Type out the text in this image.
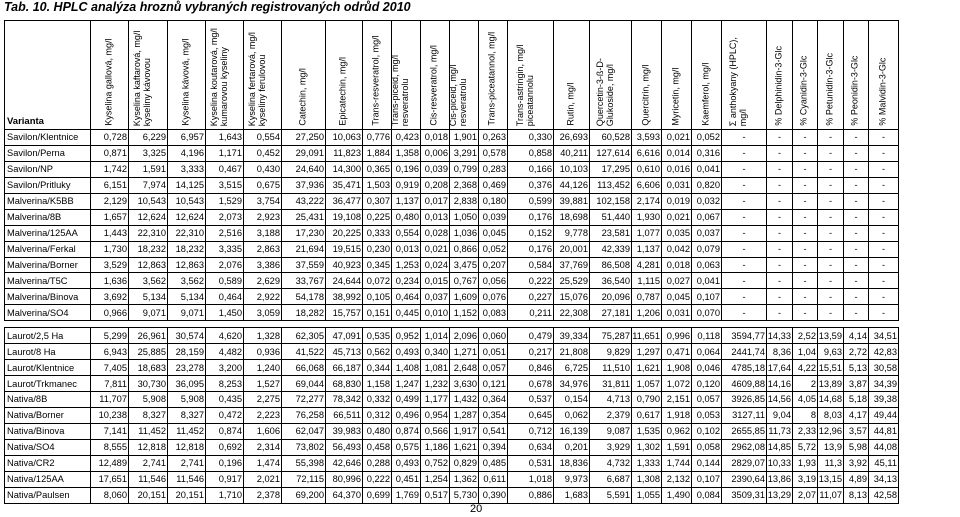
Tab. 10. HPLC analýza hroznů vybraných registrovaných odrůd 2010
Varianta	Kyselina gallová, mg/l	Kyselina kaftarová, mg/l kyseliny kávovou	Kyselina kávová, mg/l	Kyselina koutarová, mg/l kumarovou kyseliny	Kyselina fertarová, mg/l kyseliny ferulovou	Catechin, mg/l	Epicatechin, mg/l	Trans-resveratrol, mg/l	Trans-piceid, mg/l resveratrolu	Cis-resveratrol, mg/l	Cis-piceid, mg/l resveratrolu	Trans-piceatannol, mg/l	Trans-astringin, mg/l piceatannolu	Rutin, mg/l	Quercetin-3-ß-D-Glukoside, mg/l	Quercitrin, mg/l	Myricetin, mg/l	Kaemferol, mg/l	Σ anthokyany (HPLC), mg/l	% Delphinidin-3-Glc	% Cyanidin-3-Glc	% Petunidin-3-Glc	% Peonidin-3-Glc	% Malvidin-3-Glc

Savilon/Klentnice	0,728	6,229	6,957	1,643	0,554	27,250	10,063	0,776	0,423	0,018	1,901	0,263	0,330	26,693	60,528	3,593	0,021	0,052	-	-	-	-	-	-
Savilon/Perna	0,871	3,325	4,196	1,171	0,452	29,091	11,823	1,884	1,358	0,006	3,291	0,578	0,858	40,211	127,614	6,616	0,014	0,316	-	-	-	-	-	-
Savilon/NP	1,742	1,591	3,333	0,467	0,430	24,640	14,300	0,365	0,196	0,039	0,799	0,283	0,166	10,103	17,295	0,610	0,016	0,041	-	-	-	-	-	-
Savilon/Pritluky	6,151	7,974	14,125	3,515	0,675	37,936	35,471	1,503	0,919	0,208	2,368	0,469	0,376	44,126	113,452	6,606	0,031	0,820	-	-	-	-	-	-
Malverina/K5BB	2,129	10,543	10,543	1,529	3,754	43,222	36,477	0,307	1,137	0,017	2,838	0,180	0,599	39,881	102,158	2,174	0,019	0,032	-	-	-	-	-	-
Malverina/8B	1,657	12,624	12,624	2,073	2,923	25,431	19,108	0,225	0,480	0,013	1,050	0,039	0,176	18,698	51,440	1,930	0,021	0,067	-	-	-	-	-	-
Malverina/125AA	1,443	22,310	22,310	2,516	3,188	17,230	20,225	0,333	0,554	0,028	1,036	0,045	0,152	9,778	23,581	1,077	0,035	0,037	-	-	-	-	-	-
Malverina/Ferkal	1,730	18,232	18,232	3,335	2,863	21,694	19,515	0,230	0,013	0,021	0,866	0,052	0,176	20,001	42,339	1,137	0,042	0,079	-	-	-	-	-	-
Malverina/Borner	3,529	12,863	12,863	2,076	3,386	37,559	40,923	0,345	1,253	0,024	3,475	0,207	0,584	37,769	86,508	4,281	0,018	0,063	-	-	-	-	-	-
Malverina/T5C	1,636	3,562	3,562	0,589	2,629	33,767	24,644	0,072	0,234	0,015	0,767	0,056	0,222	25,529	36,540	1,115	0,027	0,041	-	-	-	-	-	-
Malverina/Binova	3,692	5,134	5,134	0,464	2,922	54,178	38,992	0,105	0,464	0,037	1,609	0,076	0,227	15,076	20,096	0,787	0,045	0,107	-	-	-	-	-	-
Malverina/SO4	0,966	9,071	9,071	1,450	3,059	18,282	15,757	0,151	0,445	0,010	1,152	0,083	0,211	22,308	27,181	1,206	0,031	0,070	-	-	-	-	-	-

Laurot/2,5 Ha	5,299	26,961	30,574	4,620	1,328	62,305	47,091	0,535	0,952	1,014	2,096	0,060	0,479	39,334	75,287	11,651	0,996	0,118	3594,77	14,33	2,52	13,59	4,14	34,51
Laurot/8 Ha	6,943	25,885	28,159	4,482	0,936	41,522	45,713	0,562	0,493	0,340	1,271	0,051	0,217	21,808	9,829	1,297	0,471	0,064	2441,74	8,36	1,04	9,63	2,72	42,83
Laurot/Klentnice	7,405	18,683	23,278	3,200	1,240	66,068	66,187	0,344	1,408	1,081	2,648	0,057	0,846	6,725	11,510	1,621	1,908	0,046	4785,18	17,64	4,22	15,51	5,13	30,58
Laurot/Trkmanec	7,811	30,730	36,095	8,253	1,527	69,044	68,830	1,158	1,247	1,232	3,630	0,121	0,678	34,976	31,811	1,057	1,072	0,120	4609,88	14,16	2	13,89	3,87	34,39
Nativa/8B	11,707	5,908	5,908	0,435	2,275	72,277	78,342	0,332	0,499	1,177	1,432	0,364	0,537	0,154	4,713	0,790	2,151	0,057	3926,85	14,56	4,05	14,68	5,18	39,38
Nativa/Borner	10,238	8,327	8,327	0,472	2,223	76,258	66,511	0,312	0,496	0,954	1,287	0,354	0,645	0,062	2,379	0,617	1,918	0,053	3127,11	9,04	8	8,03	4,17	49,44
Nativa/Binova	7,141	11,452	11,452	0,874	1,606	62,047	39,983	0,480	0,874	0,566	1,917	0,541	0,712	16,139	9,087	1,535	0,962	0,102	2655,85	11,73	2,33	12,96	3,57	44,81
Nativa/SO4	8,555	12,818	12,818	0,692	2,314	73,802	56,493	0,458	0,575	1,186	1,621	0,394	0,634	0,201	3,929	1,302	1,591	0,058	2962,08	14,85	5,72	13,9	5,98	44,08
Nativa/CR2	12,489	2,741	2,741	0,196	1,474	55,398	42,646	0,288	0,493	0,752	0,829	0,485	0,531	18,836	4,732	1,333	1,744	0,144	2829,07	10,33	1,93	11,3	3,92	45,11
Nativa/125AA	17,651	11,546	11,546	0,917	2,021	72,115	80,996	0,222	0,451	1,254	1,362	0,611	1,018	9,973	6,687	1,308	2,132	0,107	2390,64	13,86	3,19	13,15	4,89	34,13
Nativa/Paulsen	8,060	20,151	20,151	1,710	2,378	69,200	64,370	0,699	1,769	0,517	5,730	0,390	0,886	1,683	5,591	1,055	1,490	0,084	3509,31	13,29	2,07	11,07	8,13	42,58
20
